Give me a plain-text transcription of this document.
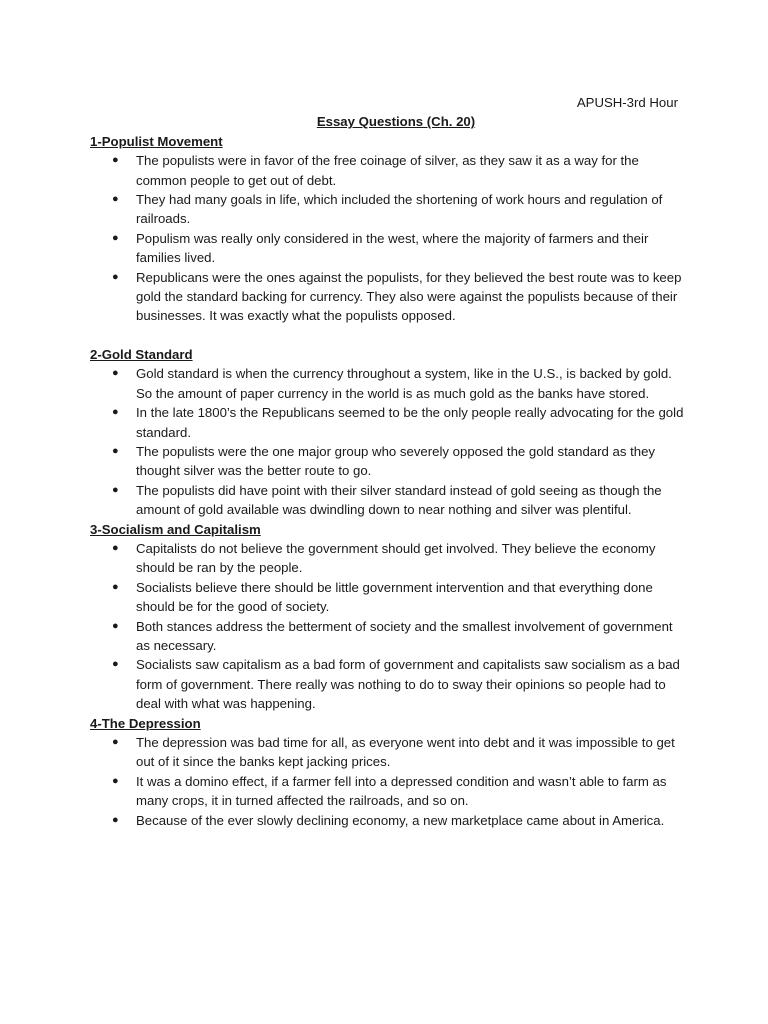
APUSH-3rd Hour
Essay Questions (Ch. 20)
1-Populist Movement
● The populists were in favor of the free coinage of silver, as they saw it as a way for the common people to get out of debt.
● They had many goals in life, which included the shortening of work hours and regulation of railroads.
● Populism was really only considered in the west, where the majority of farmers and their families lived.
● Republicans were the ones against the populists, for they believed the best route was to keep gold the standard backing for currency. They also were against the populists because of their businesses. It was exactly what the populists opposed.
2-Gold Standard
● Gold standard is when the currency throughout a system, like in the U.S., is backed by gold. So the amount of paper currency in the world is as much gold as the banks have stored.
● In the late 1800’s the Republicans seemed to be the only people really advocating for the gold standard.
● The populists were the one major group who severely opposed the gold standard as they thought silver was the better route to go.
● The populists did have point with their silver standard instead of gold seeing as though the amount of gold available was dwindling down to near nothing and silver was plentiful.
3-Socialism and Capitalism
● Capitalists do not believe the government should get involved. They believe the economy should be ran by the people.
● Socialists believe there should be little government intervention and that everything done should be for the good of society.
● Both stances address the betterment of society and the smallest involvement of government as necessary.
● Socialists saw capitalism as a bad form of government and capitalists saw socialism as a bad form of government. There really was nothing to do to sway their opinions so people had to deal with what was happening.
4-The Depression
● The depression was bad time for all, as everyone went into debt and it was impossible to get out of it since the banks kept jacking prices.
● It was a domino effect, if a farmer fell into a depressed condition and wasn’t able to farm as many crops, it in turned affected the railroads, and so on.
● Because of the ever slowly declining economy, a new marketplace came about in America.
